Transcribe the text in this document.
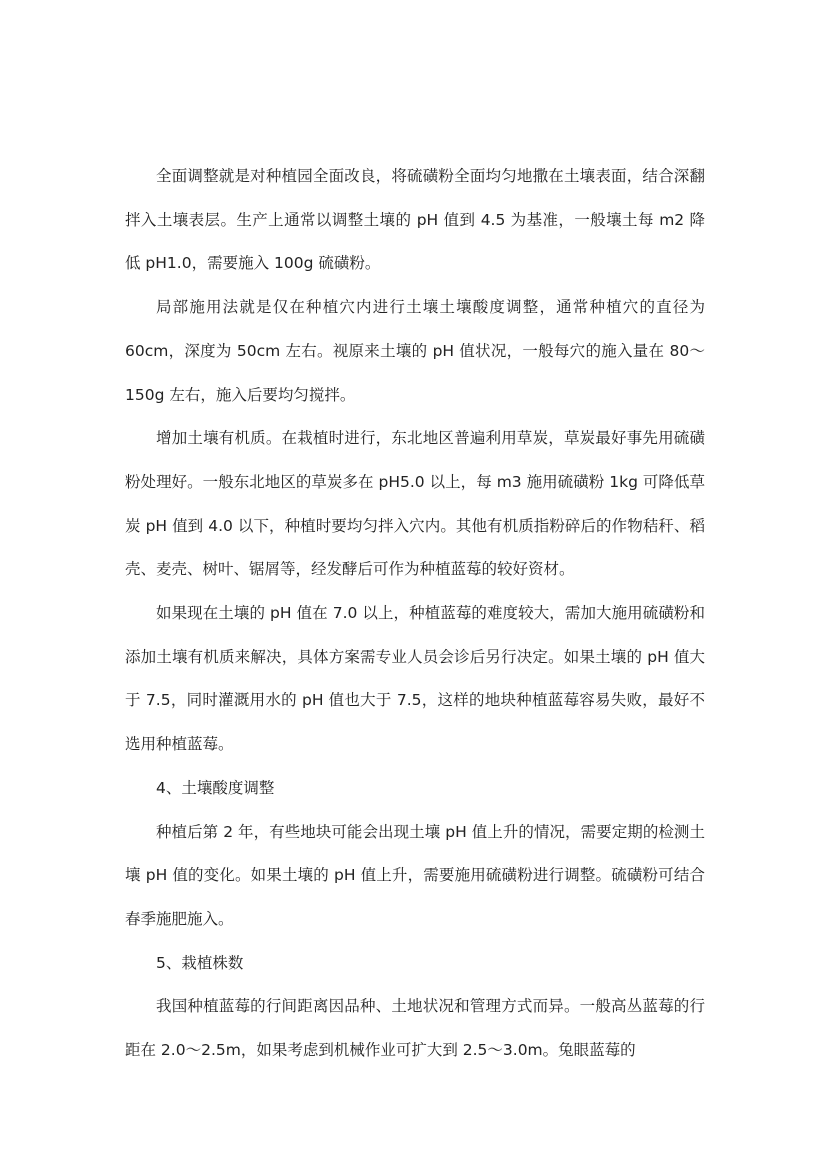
全面调整就是对种植园全面改良，将硫磺粉全面均匀地撒在土壤表面，结合深翻拌入土壤表层。生产上通常以调整土壤的 pH 值到 4.5 为基准，一般壤土每 m2 降低 pH1.0，需要施入 100g 硫磺粉。

局部施用法就是仅在种植穴内进行土壤土壤酸度调整，通常种植穴的直径为 60cm，深度为 50cm 左右。视原来土壤的 pH 值状况，一般每穴的施入量在 80～150g 左右，施入后要均匀搅拌。

增加土壤有机质。在栽植时进行，东北地区普遍利用草炭，草炭最好事先用硫磺粉处理好。一般东北地区的草炭多在 pH5.0 以上，每 m3 施用硫磺粉 1kg 可降低草炭 pH 值到 4.0 以下，种植时要均匀拌入穴内。其他有机质指粉碎后的作物秸秆、稻壳、麦壳、树叶、锯屑等，经发酵后可作为种植蓝莓的较好资材。

如果现在土壤的 pH 值在 7.0 以上，种植蓝莓的难度较大，需加大施用硫磺粉和添加土壤有机质来解决，具体方案需专业人员会诊后另行决定。如果土壤的 pH 值大于 7.5，同时灌溉用水的 pH 值也大于 7.5，这样的地块种植蓝莓容易失败，最好不选用种植蓝莓。

4、土壤酸度调整

种植后第 2 年，有些地块可能会出现土壤 pH 值上升的情况，需要定期的检测土壤 pH 值的变化。如果土壤的 pH 值上升，需要施用硫磺粉进行调整。硫磺粉可结合春季施肥施入。

5、栽植株数

我国种植蓝莓的行间距离因品种、土地状况和管理方式而异。一般高丛蓝莓的行距在 2.0～2.5m，如果考虑到机械作业可扩大到 2.5～3.0m。兔眼蓝莓的
